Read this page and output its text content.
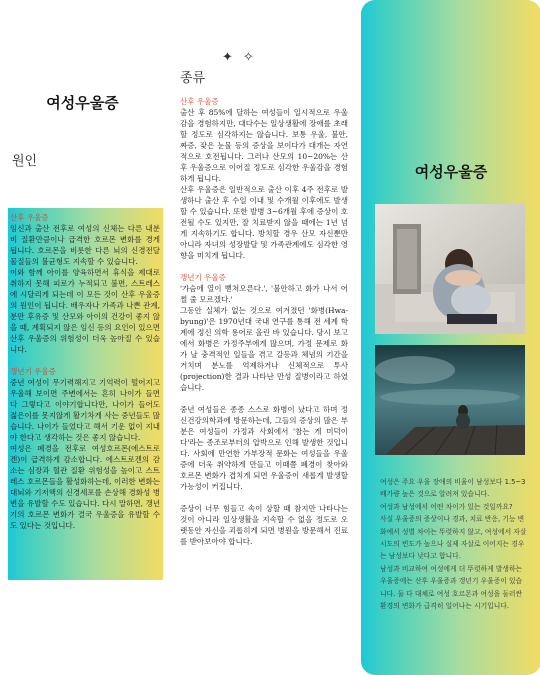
여성우울증
원인
산후 우울증

임신과 출산 전후로 여성의 신체는 다른 내분비 질환만큼이나 급격한 호르몬 변화를 경게 됩니다. 호르몬을 비롯한 다른 뇌의 신경전달물질들의 불균형도 지속할 수 있습니다.

이와 함께 아이를 양육하면서 휴식을 제대로 취하지 못해 피로가 누적되고 불면, 스트레스에 시달리게 되는데 이 모든 것이 산후 우울증의 원인이 됩니다. 배우자나 가족과 나쁜 관계, 분만 후유증 및 산모와 아이의 건강이 좋지 않을 때, 계획되지 않은 임신 등의 요인이 있으면 산후 우울증의 위험성이 더욱 높아질 수 있습니다.

갱년기 우울증

중년 여성이 무기력해지고 기억력이 떨어지고 우울해 보이면 주변에서는 흔히 나이가 들면 다 그렇다고 이야기합니다만, 나이가 들어도 젊은이를 못지않게 활기차게 사는 중년들도 많습니다. 나이가 들었다고 해서 기운 없이 지내야 한다고 생각하는 것은 좋지 않습니다.

여성은 폐경을 전후로 여성호르몬(에스트로겐)이 급격하게 감소합니다. 에스트로겐의 감소는 심장과 혈관 질환 위험성을 높이고 스트레스 호르몬들을 활성화하는데, 이러한 변화는 대뇌와 기저핵의 신경세포를 손상해 경화성 병변을 유발할 수도 있습니다. 다시 말하면, 갱년기의 호르몬 변화가 결국 우울증을 유발할 수도 있다는 것입니다.

✦ ✧
종류
산후 우울증

출산 후 85%에 달하는 여성들이 일시적으로 우울감을 경험하지만, 대다수는 일상생활에 장애를 초래할 정도로 심각하지는 않습니다. 보통 우울, 불안, 짜증, 잦은 눈물 등의 증상을 보이다가 대개는 자연적으로 호전됩니다. 그러나 산모의 10~20%는 산후 우울증으로 이어질 정도로 심각한 우울감을 경험하게 됩니다.

산후 우울증은 일반적으로 출산 이후 4주 전후로 발생하나 출산 후 수일 이내 및 수개월 이후에도 발생할 수 있습니다. 또한 발병 3~6개월 후에 증상이 호전될 수도 있지만, 잘 치료받지 않을 때에는 1년 넘게 지속하기도 합니다. 방치할 경우 산모 자신뿐만 아니라 자녀의 성장발달 및 가족관계에도 심각한 영향을 미치게 됩니다.

갱년기 우울증

'가슴에 열이 뻗쳐오른다.', '불안하고 화가 나서 어쩔 줄 모르겠다.'

그동안 실체가 없는 것으로 여겨졌던 '화병(Hwa-byung)'은 1970년대 국내 연구를 통해 전 세계 학계에 정신 의학 용어로 올린 바 있습니다. 당시 보고에서 화병은 가정주부에게 많으며, 가정 문제로 화가 날 충격적인 일들을 겪고 갈등과 체념의 기간을 거치며 분노를 억제하거나 신체적으로 투사(projection)한 결과 나타난 만성 질병이라고 하였습니다.

중년 여성들은 종종 스스로 화병이 났다고 하며 정신건강의학과에 방문하는데, 그들의 증상의 많은 부분은 여성들이 가정과 사회에서 '참는 게 미덕이다'라는 종조로부터의 압박으로 인해 발생한 것입니다. 사회에 만연한 가부장적 문화는 여성들을 우울증에 더욱 취약하게 만들고 이때쯤 폐경이 찾아와 호르몬 변화가 겹치게 되면 우울증이 새롭게 발생할 가능성이 커집니다.

증상이 너무 힘들고 속이 상할 때 참지만 나타나는 것이 아니라 일상생활을 지속할 수 없을 정도로 오랫동안 자신을 괴롭히게 되면 병원을 방문해서 진료를 받아보아야 합니다.

여성우울증

여성은 주요 우울 장애의 비율이 남성보다 1.5~3배가량 높은 것으로 알려져 있습니다.

여성과 남성에서 어떤 차이가 있는 것일까요?

사실 우울증의 증상이나 경과, 치료 반응, 기능 변화에서 성별 차이는 뚜렷하지 않고, 여성에서 자살 시도의 빈도가 높으나 실제 자살로 이어지는 경우는 남성보다 낮다고 합니다.

남성과 비교하여 여성에게 더 뚜렷하게 발생하는 우울증에는 산후 우울증과 갱년기 우울증이 있습니다. 둘 다 대체로 여성 호르몬과 여성을 둘러싼 환경의 변화가 급격히 일어나는 시기입니다.
